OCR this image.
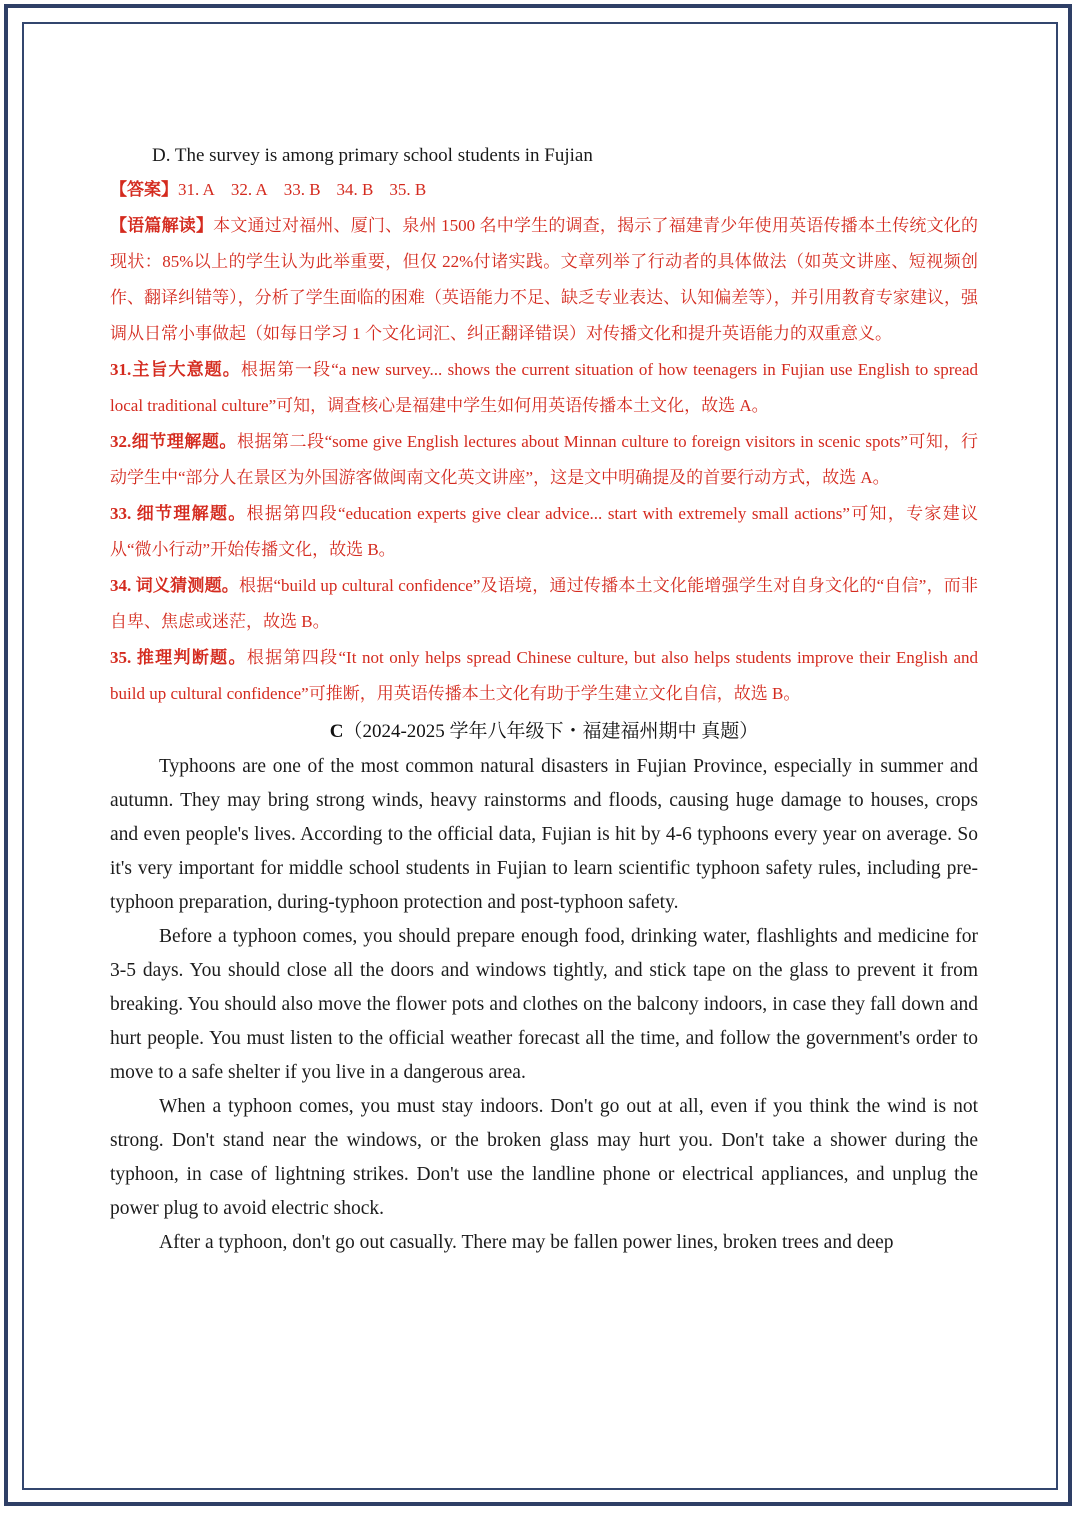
D. The survey is among primary school students in Fujian

【答案】31. A 32. A 33. B 34. B 35. B

【语篇解读】本文通过对福州、厦门、泉州 1500 名中学生的调查，揭示了福建青少年使用英语传播本土传统文化的现状：85%以上的学生认为此举重要，但仅 22%付诸实践。文章列举了行动者的具体做法（如英文讲座、短视频创作、翻译纠错等），分析了学生面临的困难（英语能力不足、缺乏专业表达、认知偏差等），并引用教育专家建议，强调从日常小事做起（如每日学习 1 个文化词汇、纠正翻译错误）对传播文化和提升英语能力的双重意义。

31.主旨大意题。根据第一段“a new survey... shows the current situation of how teenagers in Fujian use English to spread local traditional culture”可知，调查核心是福建中学生如何用英语传播本土文化，故选 A。

32.细节理解题。根据第二段“some give English lectures about Minnan culture to foreign visitors in scenic spots”可知，行动学生中“部分人在景区为外国游客做闽南文化英文讲座”，这是文中明确提及的首要行动方式，故选 A。

33. 细节理解题。根据第四段“education experts give clear advice... start with extremely small actions”可知，专家建议从“微小行动”开始传播文化，故选 B。

34. 词义猜测题。根据“build up cultural confidence”及语境，通过传播本土文化能增强学生对自身文化的“自信”，而非自卑、焦虑或迷茫，故选 B。

35. 推理判断题。根据第四段“It not only helps spread Chinese culture, but also helps students improve their English and build up cultural confidence”可推断，用英语传播本土文化有助于学生建立文化自信，故选 B。

C（2024-2025 学年八年级下・福建福州期中 真题）

Typhoons are one of the most common natural disasters in Fujian Province, especially in summer and autumn. They may bring strong winds, heavy rainstorms and floods, causing huge damage to houses, crops and even people's lives. According to the official data, Fujian is hit by 4-6 typhoons every year on average. So it's very important for middle school students in Fujian to learn scientific typhoon safety rules, including pre-typhoon preparation, during-typhoon protection and post-typhoon safety.

Before a typhoon comes, you should prepare enough food, drinking water, flashlights and medicine for 3-5 days. You should close all the doors and windows tightly, and stick tape on the glass to prevent it from breaking. You should also move the flower pots and clothes on the balcony indoors, in case they fall down and hurt people. You must listen to the official weather forecast all the time, and follow the government's order to move to a safe shelter if you live in a dangerous area.

When a typhoon comes, you must stay indoors. Don't go out at all, even if you think the wind is not strong. Don't stand near the windows, or the broken glass may hurt you. Don't take a shower during the typhoon, in case of lightning strikes. Don't use the landline phone or electrical appliances, and unplug the power plug to avoid electric shock.

After a typhoon, don't go out casually. There may be fallen power lines, broken trees and deep
